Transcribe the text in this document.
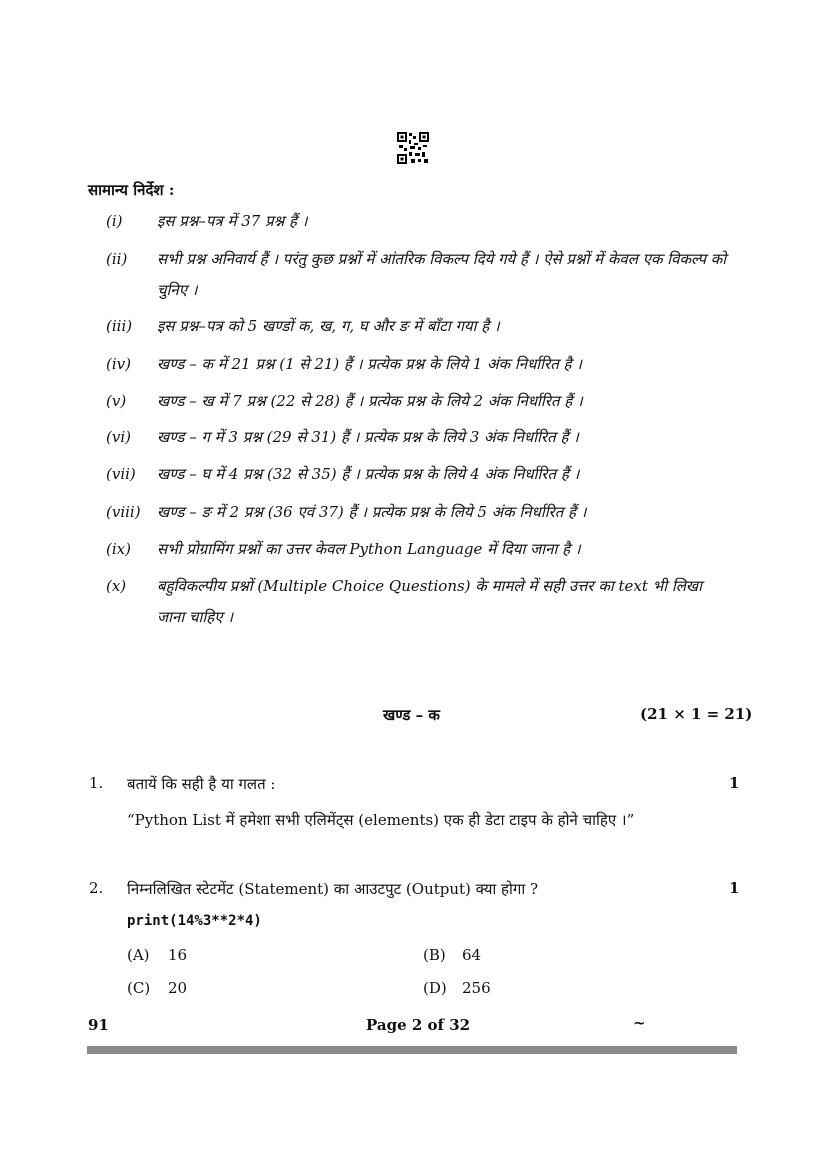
सामान्य निर्देश :
(i) इस प्रश्न–पत्र में 37 प्रश्न हैं ।
(ii) सभी प्रश्न अनिवार्य हैं । परंतु कुछ प्रश्नों में आंतरिक विकल्प दिये गये हैं । ऐसे प्रश्नों में केवल एक विकल्प को चुनिए ।
(iii) इस प्रश्न–पत्र को 5 खण्डों क, ख, ग, घ और ङ में बाँटा गया है ।
(iv) खण्ड – क में 21 प्रश्न (1 से 21) हैं । प्रत्येक प्रश्न के लिये 1 अंक निर्धारित है ।
(v) खण्ड – ख में 7 प्रश्न (22 से 28) हैं । प्रत्येक प्रश्न के लिये 2 अंक निर्धारित हैं ।
(vi) खण्ड – ग में 3 प्रश्न (29 से 31) हैं । प्रत्येक प्रश्न के लिये 3 अंक निर्धारित हैं ।
(vii) खण्ड – घ में 4 प्रश्न (32 से 35) हैं । प्रत्येक प्रश्न के लिये 4 अंक निर्धारित हैं ।
(viii) खण्ड – ङ में 2 प्रश्न (36 एवं 37) हैं । प्रत्येक प्रश्न के लिये 5 अंक निर्धारित हैं ।
(ix) सभी प्रोग्रामिंग प्रश्नों का उत्तर केवल Python Language में दिया जाना है ।
(x) बहुविकल्पीय प्रश्नों (Multiple Choice Questions) के मामले में सही उत्तर का text भी लिखा जाना चाहिए ।
खण्ड – क	(21 × 1 = 21)
1. बतायें कि सही है या गलत :	1
“Python List में हमेशा सभी एलिमेंट्स (elements) एक ही डेटा टाइप के होने चाहिए ।”
2. निम्नलिखित स्टेटमेंट (Statement) का आउटपुट (Output) क्या होगा ?	1
print(14%3**2*4)
(A) 16	(B) 64
(C) 20	(D) 256
91	Page 2 of 32	~
